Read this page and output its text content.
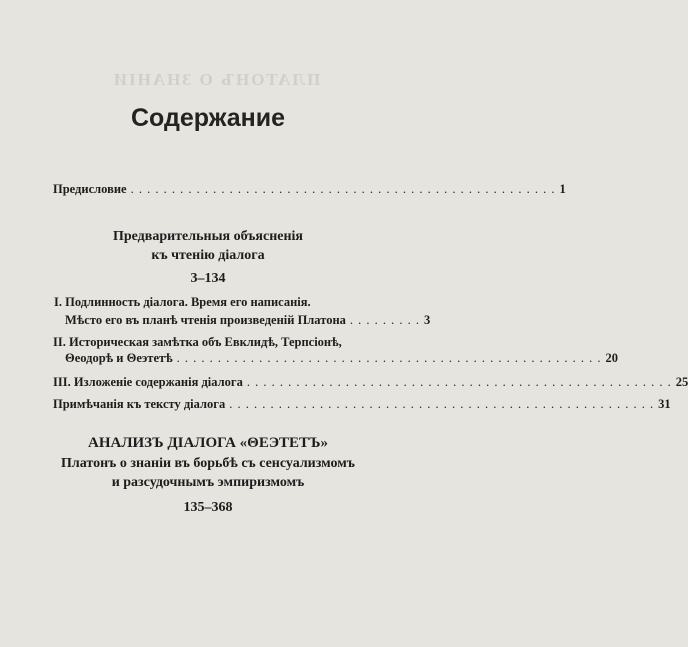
ПЛАТОНЪ О ЗНАНІИ
Содержание
Предисловие . . . . . . . . . . . . . . . . . . . . . . . . . . . . . . . . . . . . . . . . . . . . . . . . . . . . 1
Предварительныя объясненія
къ чтенію діалога
3–134
I. Подлинность діалога. Время его написанія.
Мѣсто его въ планѣ чтенія произведеній Платона . . . . . . . . . 3
II. Историческая замѣтка объ Евклидѣ, Терпсіонѣ,
Θеодорѣ и Θеэтетѣ . . . . . . . . . . . . . . . . . . . . . . . . . . . . . . . . . . . . . . . . . . . . . . . . . . . . 20
III. Изложеніе содержанія діалога . . . . . . . . . . . . . . . . . . . . . . . . . . . . . . . . . . . . . . . . . . . . . . . . . . . . 25
Примѣчанія къ тексту діалога . . . . . . . . . . . . . . . . . . . . . . . . . . . . . . . . . . . . . . . . . . . . . . . . . . . . 31
АНАЛИЗЪ ДІАЛОГА «ΘЕЭТЕТЪ»
Платонъ о знаніи въ борьбѣ съ сенсуализмомъ
и разсудочнымъ эмпиризмомъ
135–368
